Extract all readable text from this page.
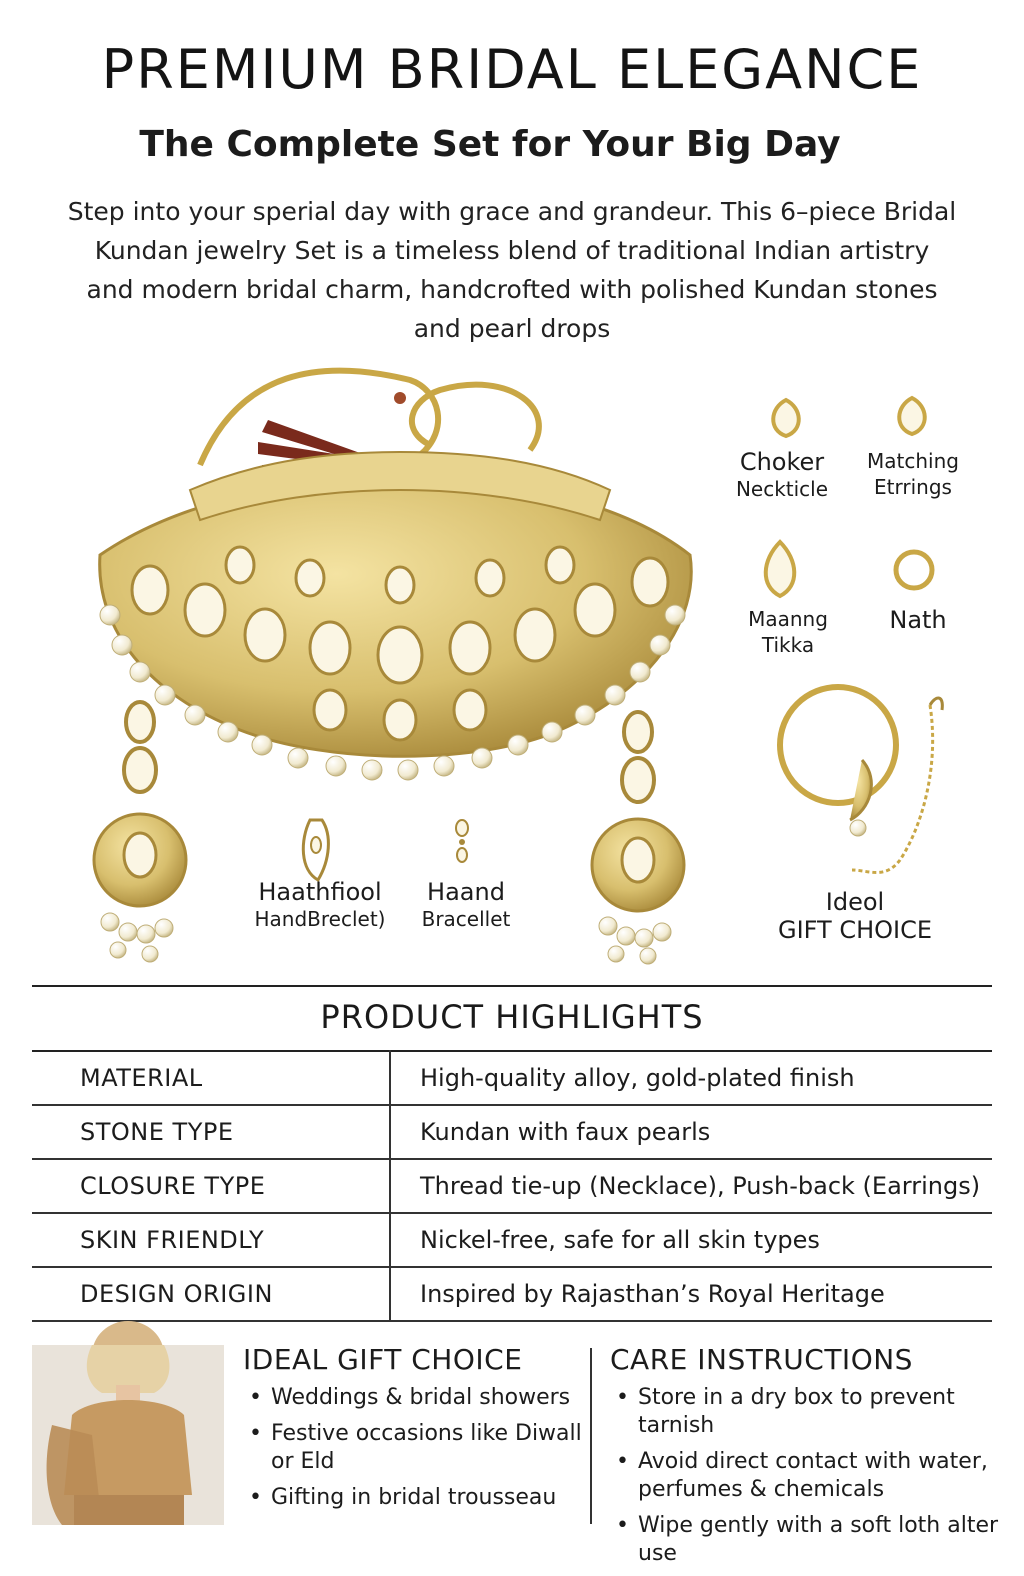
PREMIUM BRIDAL ELEGANCE
The Complete Set for Your Big Day
Step into your sperial day with grace and grandeur. This 6–piece Bridal
Kundan jewelry Set is a timeless blend of traditional Indian artistry
and modern bridal charm, handcrofted with polished Kundan stones
and pearl drops
Choker
Neckticle
Matching
Etrrings
Maanng
Tikka
Nath
Haathfiool
HandBreclet)
Haand
Bracellet
Ideol
GIFT CHOICE
PRODUCT HIGHLIGHTS
MATERIAL	High-quality alloy, gold-plated finish
STONE TYPE	Kundan with faux pearls
CLOSURE TYPE	Thread tie-up (Necklace), Push-back (Earrings)
SKIN FRIENDLY	Nickel-free, safe for all skin types
DESIGN ORIGIN	Inspired by Rajasthan’s Royal Heritage
IDEAL GIFT CHOICE
• Weddings & bridal showers
• Festive occasions like Diwall or Eld
• Gifting in bridal trousseau
CARE INSTRUCTIONS
• Store in a dry box to prevent tarnish
• Avoid direct contact with water, perfumes & chemicals
• Wipe gently with a soft loth alter use
